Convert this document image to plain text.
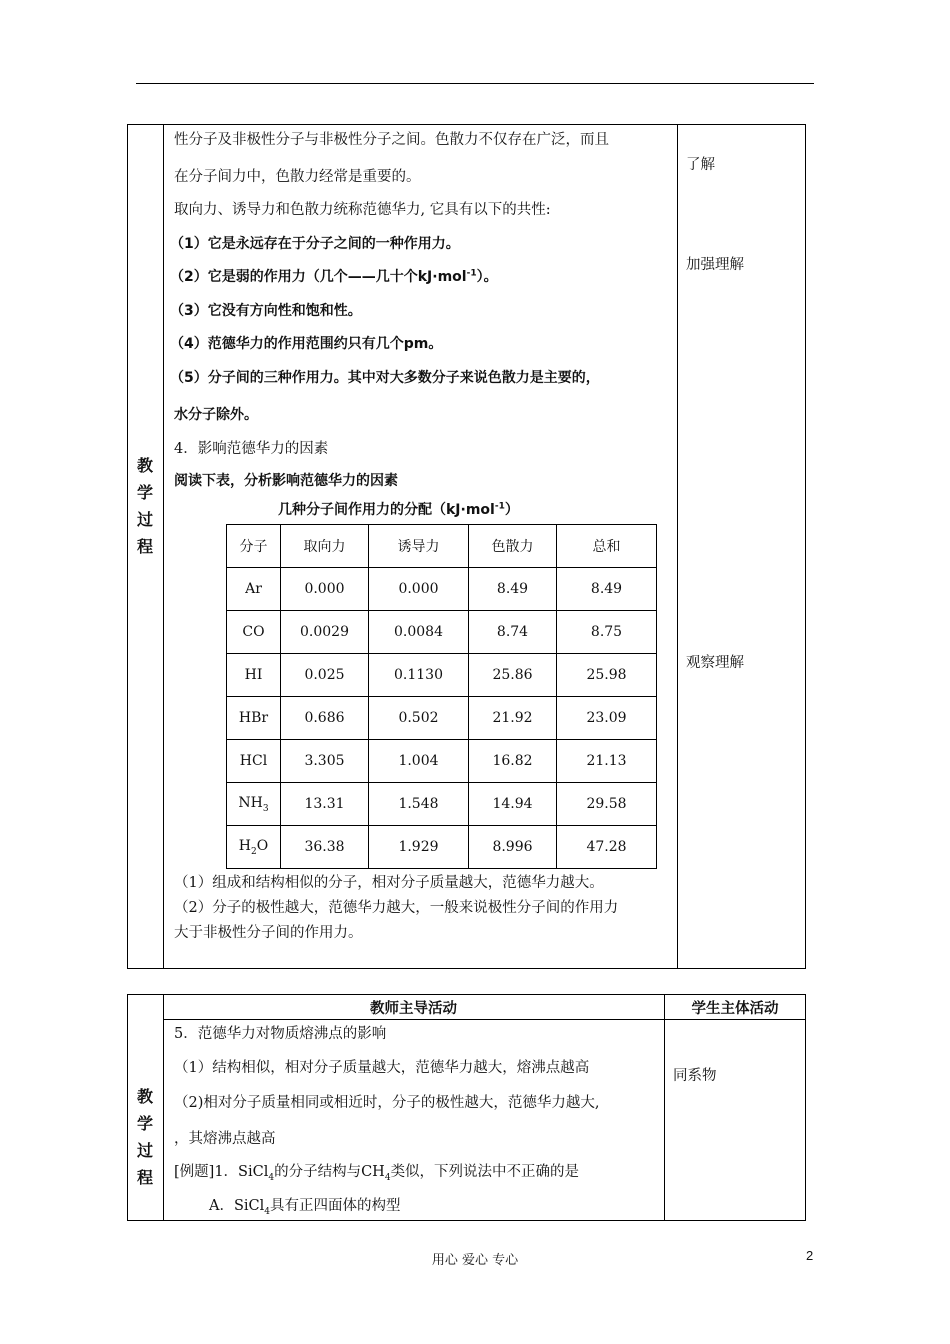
教
学
过
程
性分子及非极性分子与非极性分子之间。色散力不仅存在广泛，而且
在分子间力中，色散力经常是重要的。
取向力、诱导力和色散力统称范德华力, 它具有以下的共性:
（1）它是永远存在于分子之间的一种作用力。
（2）它是弱的作用力（几个——几十个kJ·mol$^{-1}$）。
（3）它没有方向性和饱和性。
（4）范德华力的作用范围约只有几个pm。
（5）分子间的三种作用力。其中对大多数分子来说色散力是主要的，
水分子除外。
4．影响范德华力的因素
阅读下表，分析影响范德华力的因素
几种分子间作用力的分配（kJ·mol$^{-1}$）
分子	取向力	诱导力	色散力	总和
Ar	0.000	0.000	8.49	8.49
CO	0.0029	0.0084	8.74	8.75
HI	0.025	0.1130	25.86	25.98
HBr	0.686	0.502	21.92	23.09
HCl	3.305	1.004	16.82	21.13
$NH_3$	13.31	1.548	14.94	29.58
$H_2O$	36.38	1.929	8.996	47.28
（1）组成和结构相似的分子，相对分子质量越大，范德华力越大。
（2）分子的极性越大，范德华力越大，一般来说极性分子间的作用力
大于非极性分子间的作用力。
了解
加强理解
观察理解
教师主导活动	学生主体活动
教
学
过
程
5．范德华力对物质熔沸点的影响
（1）结构相似，相对分子质量越大，范德华力越大，熔沸点越高
（2)相对分子质量相同或相近时，分子的极性越大，范德华力越大,
，其熔沸点越高
[例题]1．SiCl$_4$的分子结构与$CH_4$类似，下列说法中不正确的是
A．SiCl$_4$具有正四面体的构型
同系物
用心 爱心 专心	2
